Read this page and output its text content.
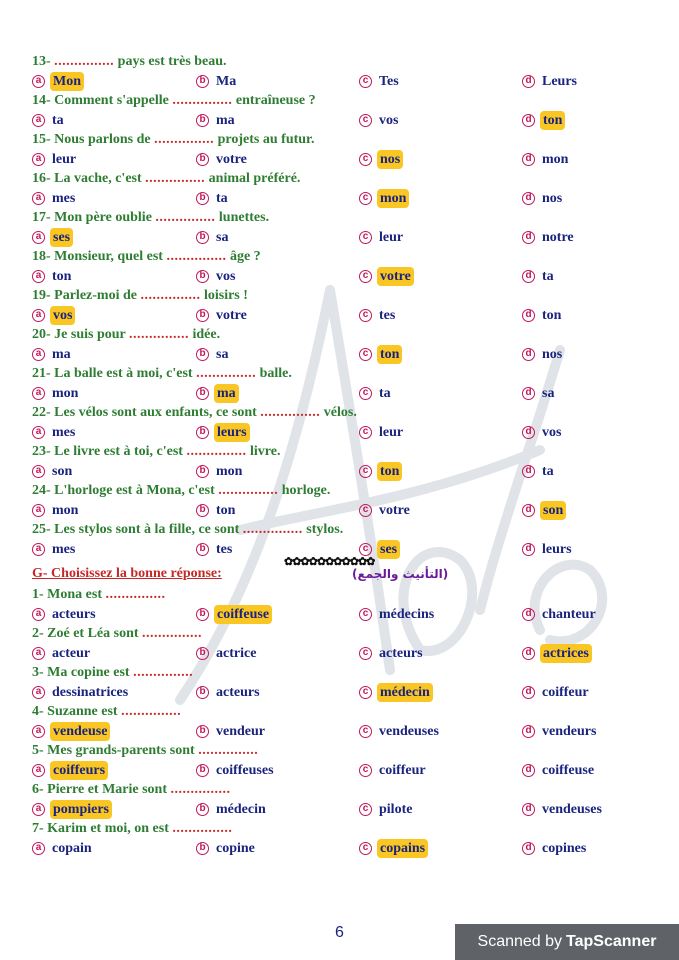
Hala
13- ............... pays est très beau.
a Mon	b Ma	c Tes	d Leurs
14- Comment s'appelle ............... entraîneuse ?
a ta	b ma	c vos	d ton
15- Nous parlons de ............... projets au futur.
a leur	b votre	c nos	d mon
16- La vache, c'est ............... animal préféré.
a mes	b ta	c mon	d nos
17- Mon père oublie ............... lunettes.
a ses	b sa	c leur	d notre
18- Monsieur, quel est ............... âge ?
a ton	b vos	c votre	d ta
19- Parlez-moi de ............... loisirs !
a vos	b votre	c tes	d ton
20- Je suis pour ............... idée.
a ma	b sa	c ton	d nos
21- La balle est à moi, c'est ............... balle.
a mon	b ma	c ta	d sa
22- Les vélos sont aux enfants, ce sont ............... vélos.
a mes	b leurs	c leur	d vos
23- Le livre est à toi, c'est ............... livre.
a son	b mon	c ton	d ta
24- L'horloge est à Mona, c'est ............... horloge.
a mon	b ton	c votre	d son
25- Les stylos sont à la fille, ce sont ............... stylos.
a mes	b tes	c ses	d leurs
✿✿✿✿✿✿✿✿✿✿✿
G- Choisissez la bonne réponse:	(التأنيث والجمع)
1- Mona est ...............
a acteurs	b coiffeuse	c médecins	d chanteur
2- Zoé et Léa sont ...............
a acteur	b actrice	c acteurs	d actrices
3- Ma copine est ...............
a dessinatrices	b acteurs	c médecin	d coiffeur
4- Suzanne est ...............
a vendeuse	b vendeur	c vendeuses	d vendeurs
5- Mes grands-parents sont ...............
a coiffeurs	b coiffeuses	c coiffeur	d coiffeuse
6- Pierre et Marie sont ...............
a pompiers	b médecin	c pilote	d vendeuses
7- Karim et moi, on est ...............
a copain	b copine	c copains	d copines
6
Scanned by TapScanner
